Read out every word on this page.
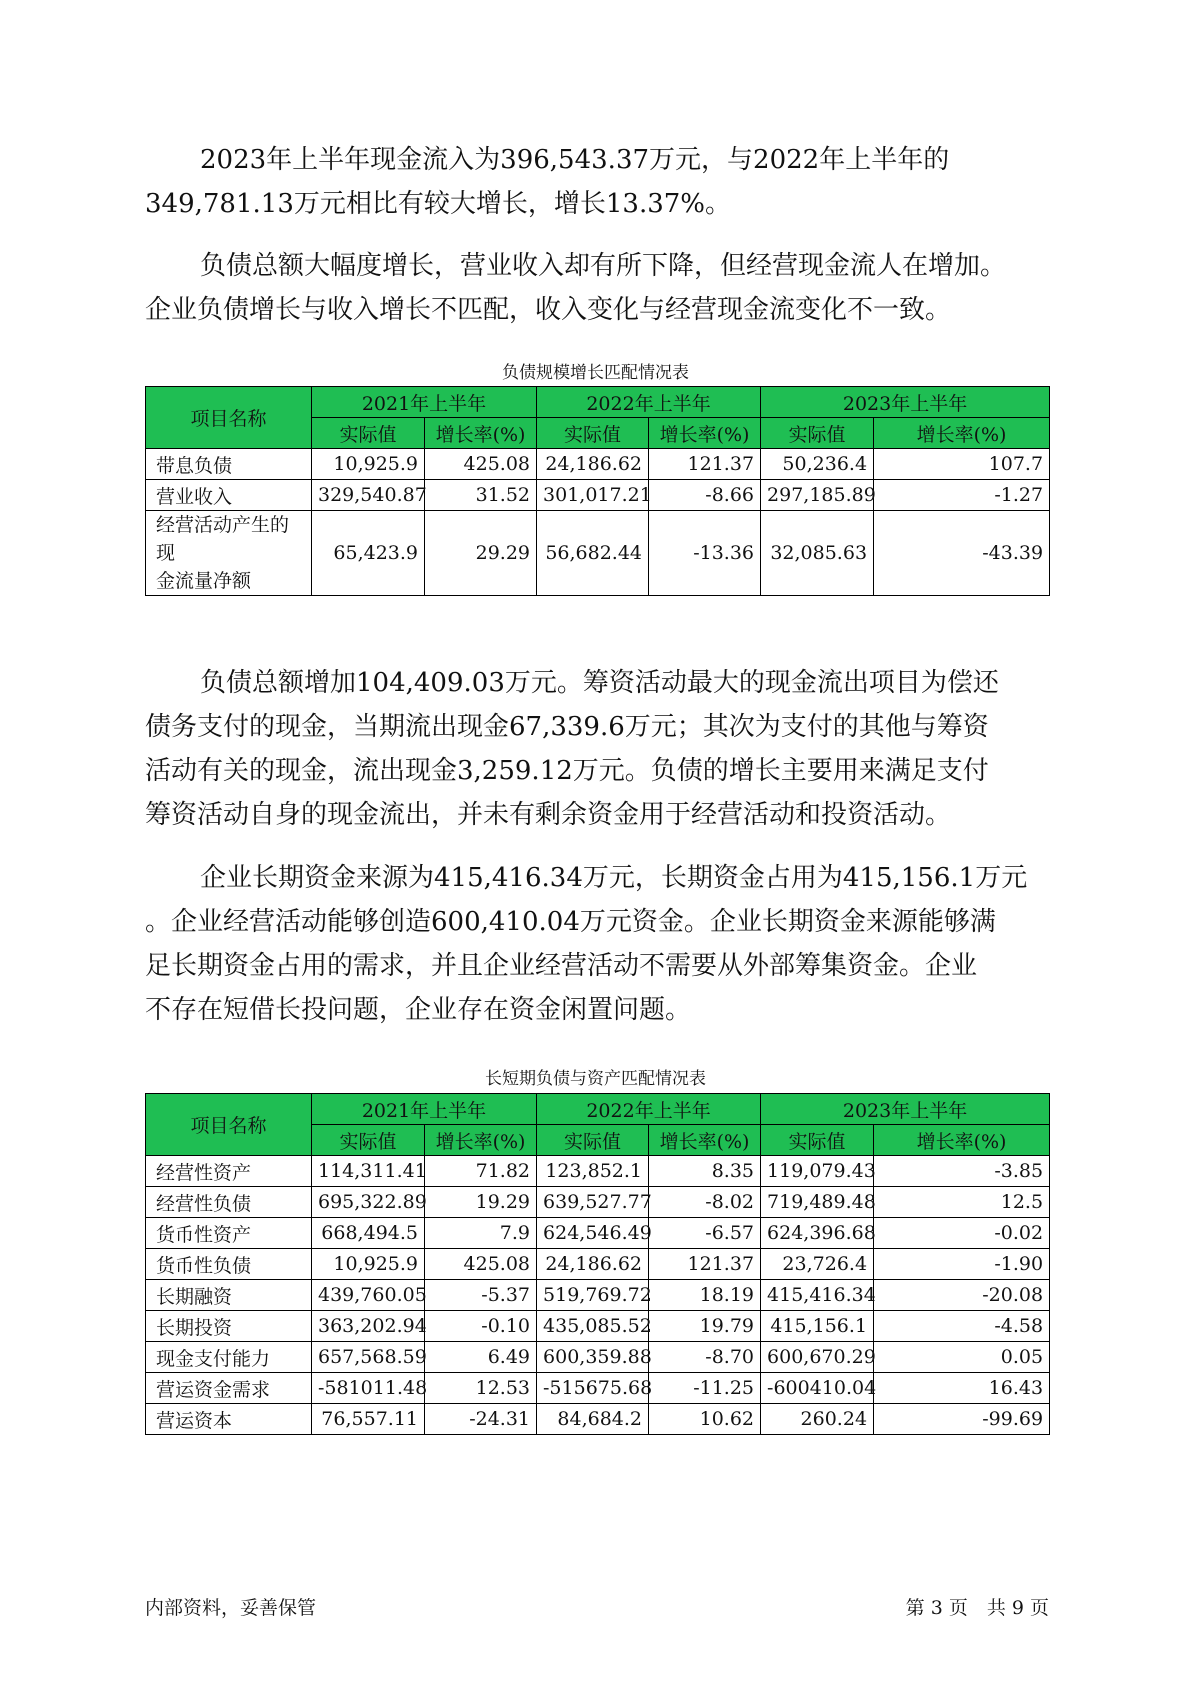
2023年上半年现金流入为396,543.37万元，与2022年上半年的
349,781.13万元相比有较大增长，增长13.37%。

负债总额大幅度增长，营业收入却有所下降，但经营现金流人在增加。
企业负债增长与收入增长不匹配，收入变化与经营现金流变化不一致。

负债规模增长匹配情况表
项目名称	2021年上半年		2022年上半年		2023年上半年	
	实际值	增长率(%)	实际值	增长率(%)	实际值	增长率(%)
带息负债	10,925.9	425.08	24,186.62	121.37	50,236.4	107.7
营业收入	329,540.87	31.52	301,017.21	-8.66	297,185.89	-1.27

经营活动产生的现
金流量净额	65,423.9	29.29	56,682.44	-13.36	32,085.63	-43.39

负债总额增加104,409.03万元。筹资活动最大的现金流出项目为偿还
债务支付的现金，当期流出现金67,339.6万元；其次为支付的其他与筹资
活动有关的现金，流出现金3,259.12万元。负债的增长主要用来满足支付
筹资活动自身的现金流出，并未有剩余资金用于经营活动和投资活动。

企业长期资金来源为415,416.34万元，长期资金占用为415,156.1万元
。企业经营活动能够创造600,410.04万元资金。企业长期资金来源能够满
足长期资金占用的需求，并且企业经营活动不需要从外部筹集资金。企业
不存在短借长投问题，企业存在资金闲置问题。

长短期负债与资产匹配情况表
项目名称	2021年上半年		2022年上半年		2023年上半年	
	实际值	增长率(%)	实际值	增长率(%)	实际值	增长率(%)
经营性资产	114,311.41	71.82	123,852.1	8.35	119,079.43	-3.85
经营性负债	695,322.89	19.29	639,527.77	-8.02	719,489.48	12.5
货币性资产	668,494.5	7.9	624,546.49	-6.57	624,396.68	-0.02
货币性负债	10,925.9	425.08	24,186.62	121.37	23,726.4	-1.90
长期融资	439,760.05	-5.37	519,769.72	18.19	415,416.34	-20.08
长期投资	363,202.94	-0.10	435,085.52	19.79	415,156.1	-4.58
现金支付能力	657,568.59	6.49	600,359.88	-8.70	600,670.29	0.05
营运资金需求	-581011.48	12.53	-515675.68	-11.25	-600410.04	16.43
营运资本	76,557.11	-24.31	84,684.2	10.62	260.24	-99.69
内部资料，妥善保管	第 3 页　共 9 页
